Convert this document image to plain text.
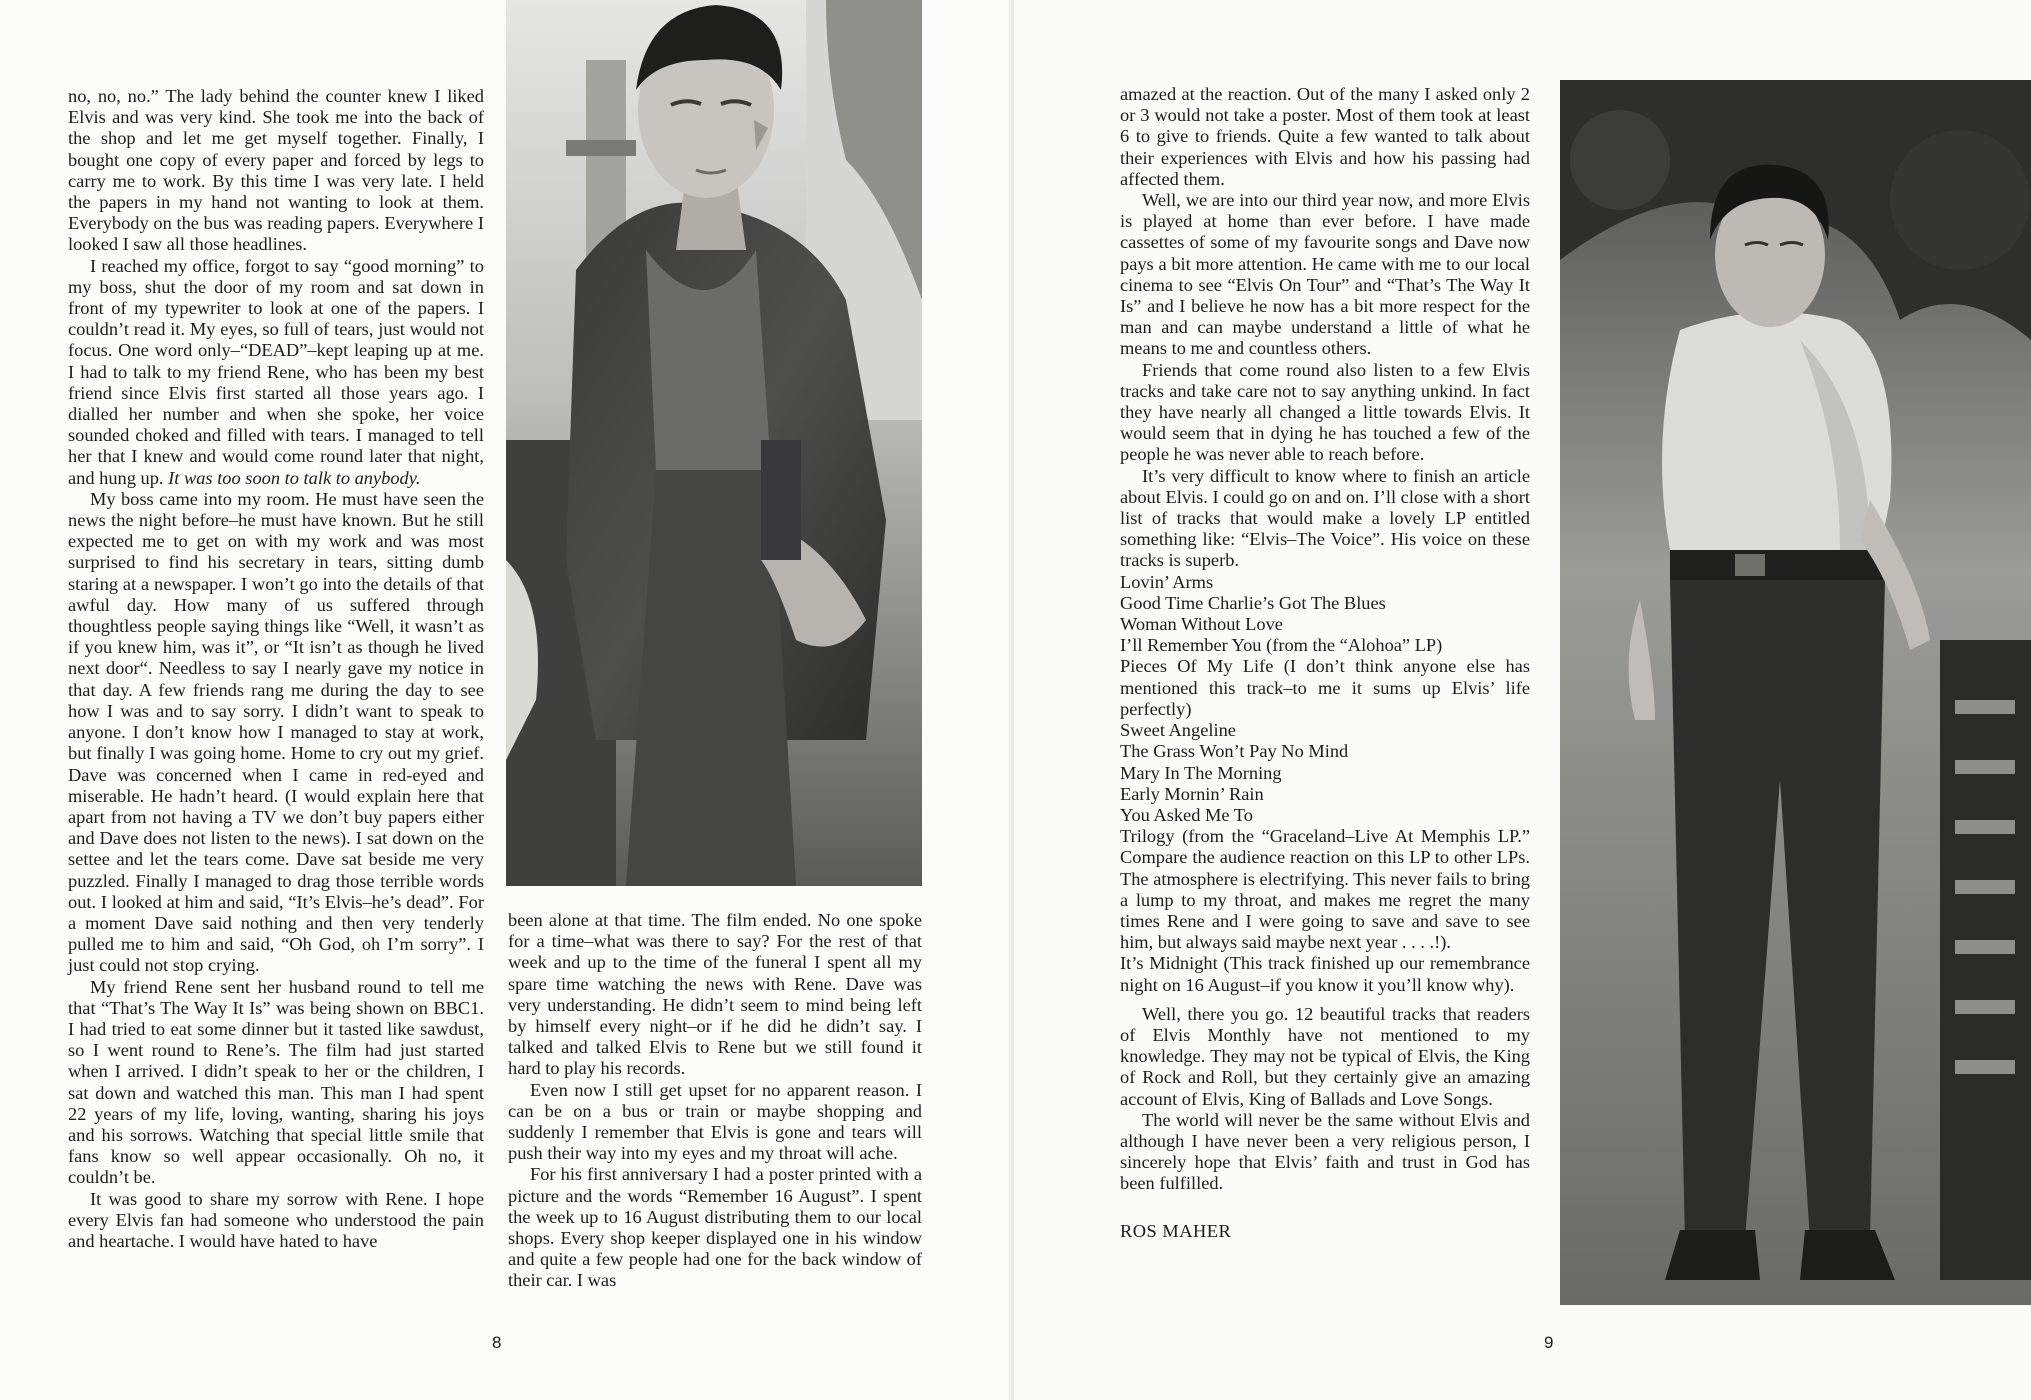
no, no, no.” The lady behind the counter knew I liked Elvis and was very kind. She took me into the back of the shop and let me get myself together. Finally, I bought one copy of every paper and forced by legs to carry me to work. By this time I was very late. I held the papers in my hand not wanting to look at them. Everybody on the bus was reading papers. Everywhere I looked I saw all those headlines.

I reached my office, forgot to say “good morning” to my boss, shut the door of my room and sat down in front of my typewriter to look at one of the papers. I couldn’t read it. My eyes, so full of tears, just would not focus. One word only–“DEAD”–kept leaping up at me. I had to talk to my friend Rene, who has been my best friend since Elvis first started all those years ago. I dialled her number and when she spoke, her voice sounded choked and filled with tears. I managed to tell her that I knew and would come round later that night, and hung up. It was too soon to talk to anybody.

My boss came into my room. He must have seen the news the night before–he must have known. But he still expected me to get on with my work and was most surprised to find his secretary in tears, sitting dumb staring at a newspaper. I won’t go into the details of that awful day. How many of us suffered through thoughtless people saying things like “Well, it wasn’t as if you knew him, was it”, or “It isn’t as though he lived next door“. Needless to say I nearly gave my notice in that day. A few friends rang me during the day to see how I was and to say sorry. I didn’t want to speak to anyone. I don’t know how I managed to stay at work, but finally I was going home. Home to cry out my grief. Dave was concerned when I came in red-eyed and miserable. He hadn’t heard. (I would explain here that apart from not having a TV we don’t buy papers either and Dave does not listen to the news). I sat down on the settee and let the tears come. Dave sat beside me very puzzled. Finally I managed to drag those terrible words out. I looked at him and said, “It’s Elvis–he’s dead”. For a moment Dave said nothing and then very tenderly pulled me to him and said, “Oh God, oh I’m sorry”. I just could not stop crying.

My friend Rene sent her husband round to tell me that “That’s The Way It Is” was being shown on BBC1. I had tried to eat some dinner but it tasted like sawdust, so I went round to Rene’s. The film had just started when I arrived. I didn’t speak to her or the children, I sat down and watched this man. This man I had spent 22 years of my life, loving, wanting, sharing his joys and his sorrows. Watching that special little smile that fans know so well appear occasionally. Oh no, it couldn’t be.

It was good to share my sorrow with Rene. I hope every Elvis fan had someone who understood the pain and heartache. I would have hated to have

been alone at that time. The film ended. No one spoke for a time–what was there to say? For the rest of that week and up to the time of the funeral I spent all my spare time watching the news with Rene. Dave was very understanding. He didn’t seem to mind being left by himself every night–or if he did he didn’t say. I talked and talked Elvis to Rene but we still found it hard to play his records.

Even now I still get upset for no apparent reason. I can be on a bus or train or maybe shopping and suddenly I remember that Elvis is gone and tears will push their way into my eyes and my throat will ache.

For his first anniversary I had a poster printed with a picture and the words “Remember 16 August”. I spent the week up to 16 August distributing them to our local shops. Every shop keeper displayed one in his window and quite a few people had one for the back window of their car. I was

8

amazed at the reaction. Out of the many I asked only 2 or 3 would not take a poster. Most of them took at least 6 to give to friends. Quite a few wanted to talk about their experiences with Elvis and how his passing had affected them.

Well, we are into our third year now, and more Elvis is played at home than ever before. I have made cassettes of some of my favourite songs and Dave now pays a bit more attention. He came with me to our local cinema to see “Elvis On Tour” and “That’s The Way It Is” and I believe he now has a bit more respect for the man and can maybe understand a little of what he means to me and countless others.

Friends that come round also listen to a few Elvis tracks and take care not to say anything unkind. In fact they have nearly all changed a little towards Elvis. It would seem that in dying he has touched a few of the people he was never able to reach before.

It’s very difficult to know where to finish an article about Elvis. I could go on and on. I’ll close with a short list of tracks that would make a lovely LP entitled something like: “Elvis–The Voice”. His voice on these tracks is superb.

Lovin’ Arms
Good Time Charlie’s Got The Blues
Woman Without Love
I’ll Remember You (from the “Alohoa” LP)
Pieces Of My Life (I don’t think anyone else has mentioned this track–to me it sums up Elvis’ life perfectly)
Sweet Angeline
The Grass Won’t Pay No Mind
Mary In The Morning
Early Mornin’ Rain
You Asked Me To
Trilogy (from the “Graceland–Live At Memphis LP.” Compare the audience reaction on this LP to other LPs. The atmosphere is electrifying. This never fails to bring a lump to my throat, and makes me regret the many times Rene and I were going to save and save to see him, but always said maybe next year . . . .!).
It’s Midnight (This track finished up our remembrance night on 16 August–if you know it you’ll know why).

Well, there you go. 12 beautiful tracks that readers of Elvis Monthly have not mentioned to my knowledge. They may not be typical of Elvis, the King of Rock and Roll, but they certainly give an amazing account of Elvis, King of Ballads and Love Songs.

The world will never be the same without Elvis and although I have never been a very religious person, I sincerely hope that Elvis’ faith and trust in God has been fulfilled.

ROS MAHER

9
